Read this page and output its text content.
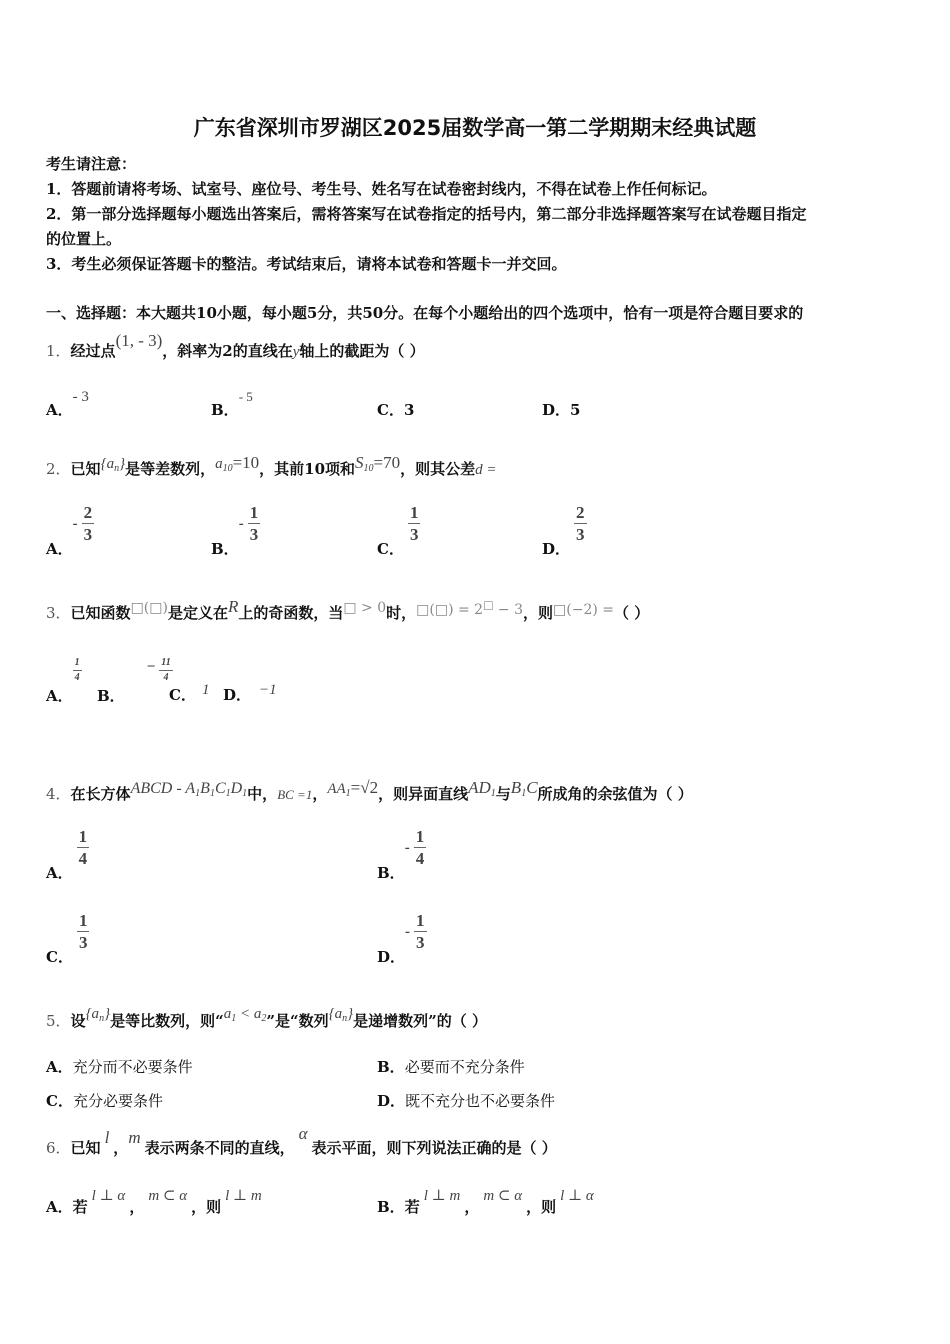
广东省深圳市罗湖区2025届数学高一第二学期期末经典试题
考生请注意：
1．答题前请将考场、试室号、座位号、考生号、姓名写在试卷密封线内，不得在试卷上作任何标记。
2．第一部分选择题每小题选出答案后，需将答案写在试卷指定的括号内，第二部分非选择题答案写在试卷题目指定
的位置上。
3．考生必须保证答题卡的整洁。考试结束后，请将本试卷和答题卡一并交回。
一、选择题：本大题共10小题，每小题5分，共50分。在每个小题给出的四个选项中，恰有一项是符合题目要求的
1．经过点(1, - 3)，斜率为2的直线在y轴上的截距为（ ）
A．- 3
B．- 5
C．3	D．5
2．已知$\{a_n\}$是等差数列，$a_{10}=10$，其前10项和$S_{10}=70$，则其公差d =
A．- $\frac{2}{3}$
B．- $\frac{1}{3}$
C．
$\frac{1}{3}$
D．
$\frac{2}{3}$
3．已知函数□(□)是定义在R上的奇函数，当□ > 0时，□(□) = 2□ − 3，则□(−2) =（ ）
A．
$\frac{1}{4}$
B．− $\frac{11}{4}$
C． 1 D． −1
4．在长方体ABCD - $A_1B_1C_1D_1$中，BC =1，$AA_1=√2$，则异面直线$AD_1$与$B_1C$所成角的余弦值为（ ）
A．
$\frac{1}{4}$
B．- $\frac{1}{4}$
C．
$\frac{1}{3}$
D．- $\frac{1}{3}$
5．设$\{a_n\}$是等比数列，则“$a_1 < a_2$”是“数列$\{a_n\}$是递增数列”的（ ）
A．充分而不必要条件	B．必要而不充分条件
C．充分必要条件	D．既不充分也不必要条件
6．已知l，m表示两条不同的直线，α表示平面，则下列说法正确的是（ ）
A．若l ⊥ α，m ⊂ α，则l ⊥ m
B．若l ⊥ m，m ⊂ α，则l ⊥ α
